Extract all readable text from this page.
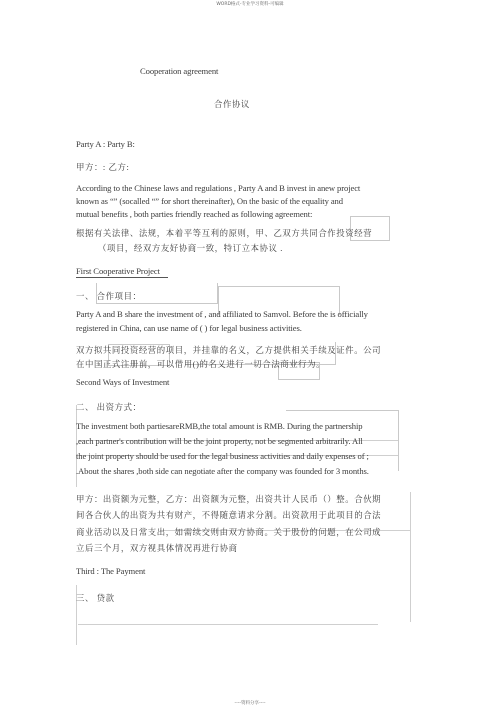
WORD格式-专业学习资料-可编辑
Cooperation agreement
合作协议
Party A : Party B:
甲方：: 乙方:
According to the Chinese laws and regulations , Party A and B invest in anew project
known as “” (socalled “” for short thereinafter), On the basic of the equality and
mutual benefits , both parties friendly reached as following agreement:
根据有关法律、法规，本着平等互利的原则，甲、乙双方共同合作投资经营
（项目，经双方友好协商一致，特订立本协议 .
First Cooperative Project
一、 合作项目：
Party A and B share the investment of , and affiliated to Samvol. Before the is officially
registered in China, can use name of ( ) for legal business activities.
双方拟共同投资经营的项目，并挂靠的名义，乙方提供相关手续及证件。公司
在中国正式注册前，可以借用()的名义进行一切合法商业行为。
Second Ways of Investment
二、 出资方式：
The investment both partiesareRMB,the total amount is RMB. During the partnership
,each partner's contribution will be the joint property, not be segmented arbitrarily. All
the joint property should be used for the legal business activities and daily expenses of ;
.About the shares ,both side can negotiate after the company was founded for 3 months.
甲方：出资额为元整，乙方：出资额为元整，出资共计人民币（）整。合伙期
间各合伙人的出资为共有财产，不得随意请求分割。出资款用于此项目的合法
商业活动以及日常支出，如需续交则由双方协商。关于股份的问题，在公司成
立后三个月，双方视具体情况再进行协商
Third : The Payment
三、 贷款
----资料分享----
